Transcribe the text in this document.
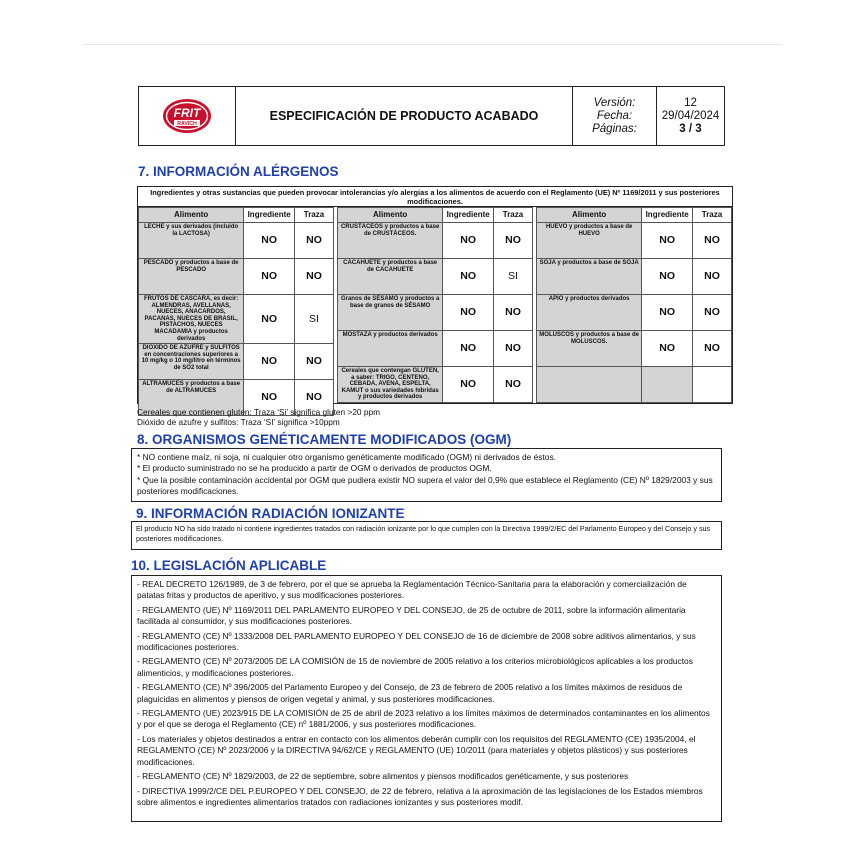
FRIT
RAVICH
ESPECIFICACIÓN DE PRODUCTO ACABADO
Versión:
Fecha:
Páginas:
12
29/04/2024
3 / 3
7. INFORMACIÓN ALÉRGENOS
Ingredientes y otras sustancias que pueden provocar intolerancias y/o alergias a los alimentos de acuerdo con el Reglamento (UE) Nº 1169/2011 y sus posteriores modificaciones.
Alimento	Ingrediente	Traza
LECHE y sus derivados (incluido la LACTOSA)	NO	NO
PESCADO y productos a base de PESCADO	NO	NO
FRUTOS DE CÁSCARA, es decir: ALMENDRAS, AVELLANAS, NUECES, ANACARDOS, PACANAS, NUECES DE BRASIL, PISTACHOS, NUECES MACADAMIA y productos derivados	NO	SI
DIÓXIDO DE AZUFRE y SULFITOS en concentraciones superiores a 10 mg/kg o 10 mg/litro en términos de SO2 total	NO	NO
ALTRAMUCES y productos a base de ALTRAMUCES	NO	NO
Alimento	Ingrediente	Traza
CRUSTÁCEOS y productos a base de CRUSTÁCEOS.	NO	NO
CACAHUETE y productos a base de CACAHUETE	NO	SI
Granos de SÉSAMO y productos a base de granos de SÉSAMO	NO	NO
MOSTAZA y productos derivados	NO	NO
Cereales que contengan GLUTEN, a saber: TRIGO, CENTENO, CEBADA, AVENA, ESPELTA, KAMUT o sus variedades híbridas y productos derivados	NO	NO
Alimento	Ingrediente	Traza
HUEVO y productos a base de HUEVO	NO	NO
SOJA y productos a base de SOJA	NO	NO
APIO y productos derivados	NO	NO
MOLUSCOS y productos a base de MOLUSCOS.	NO	NO

Cereales que contienen gluten: Traza ‘Si’ significa gluten >20 ppm
Dióxido de azufre y sulfitos: Traza ‘SI’ significa >10ppm
8. ORGANISMOS GENÉTICAMENTE MODIFICADOS (OGM)

* NO contiene maíz, ni soja, ni cualquier otro organismo genéticamente modificado (OGM) ni derivados de éstos.

* El producto suministrado no se ha producido a partir de OGM o derivados de productos OGM.

* Que la posible contaminación accidental por OGM que pudiera existir NO supera el valor del 0,9% que establece el Reglamento (CE) Nº 1829/2003 y sus posteriores modificaciones.

9. INFORMACIÓN RADIACIÓN IONIZANTE

El producto NO ha sido tratado ni contiene ingredientes tratados con radiación ionizante por lo que cumplen con la Directiva 1999/2/EC del Parlamento Europeo y del Consejo y sus posteriores modificaciones.

10. LEGISLACIÓN APLICABLE

- REAL DECRETO 126/1989, de 3 de febrero, por el que se aprueba la Reglamentación Técnico-Sanitaria para la elaboración y comercialización de patatas fritas y productos de aperitivo, y sus modificaciones posteriores.

- REGLAMENTO (UE) Nº 1169/2011 DEL PARLAMENTO EUROPEO Y DEL CONSEJO, de 25 de octubre de 2011, sobre la información alimentaria facilitada al consumidor, y sus modificaciones posteriores.

- REGLAMENTO (CE) Nº 1333/2008 DEL PARLAMENTO EUROPEO Y DEL CONSEJO de 16 de diciembre de 2008 sobre aditivos alimentarios, y sus modificaciones posteriores.

- REGLAMENTO (CE) Nº 2073/2005 DE LA COMISIÓN de 15 de noviembre de 2005 relativo a los criterios microbiológicos aplicables a los productos alimenticios, y modificaciones posteriores.

- REGLAMENTO (CE) Nº 396/2005 del Parlamento Europeo y del Consejo, de 23 de febrero de 2005 relativo a los límites máximos de residuos de plaguicidas en alimentos y piensos de origen vegetal y animal, y sus posteriores modificaciones.

- REGLAMENTO (UE) 2023/915 DE LA COMISIÓN de 25 de abril de 2023 relativo a los límites máximos de determinados contaminantes en los alimentos y por el que se deroga el Reglamento (CE) nº 1881/2006, y sus posteriores modificaciones.

- Los materiales y objetos destinados a entrar en contacto con los alimentos deberán cumplir con los requisitos del REGLAMENTO (CE) 1935/2004, el REGLAMENTO (CE) Nº 2023/2006 y la DIRECTIVA 94/62/CE y REGLAMENTO (UE) 10/2011 (para materiales y objetos plásticos) y sus posteriores modificaciones.

- REGLAMENTO (CE) Nº 1829/2003, de 22 de septiembre, sobre alimentos y piensos modificados genéticamente, y sus posteriores

- DIRECTIVA 1999/2/CE DEL P.EUROPEO Y DEL CONSEJO, de 22 de febrero, relativa a la aproximación de las legislaciones de los Estados miembros sobre alimentos e ingredientes alimentarios tratados con radiaciones ionizantes y sus posteriores modif.
